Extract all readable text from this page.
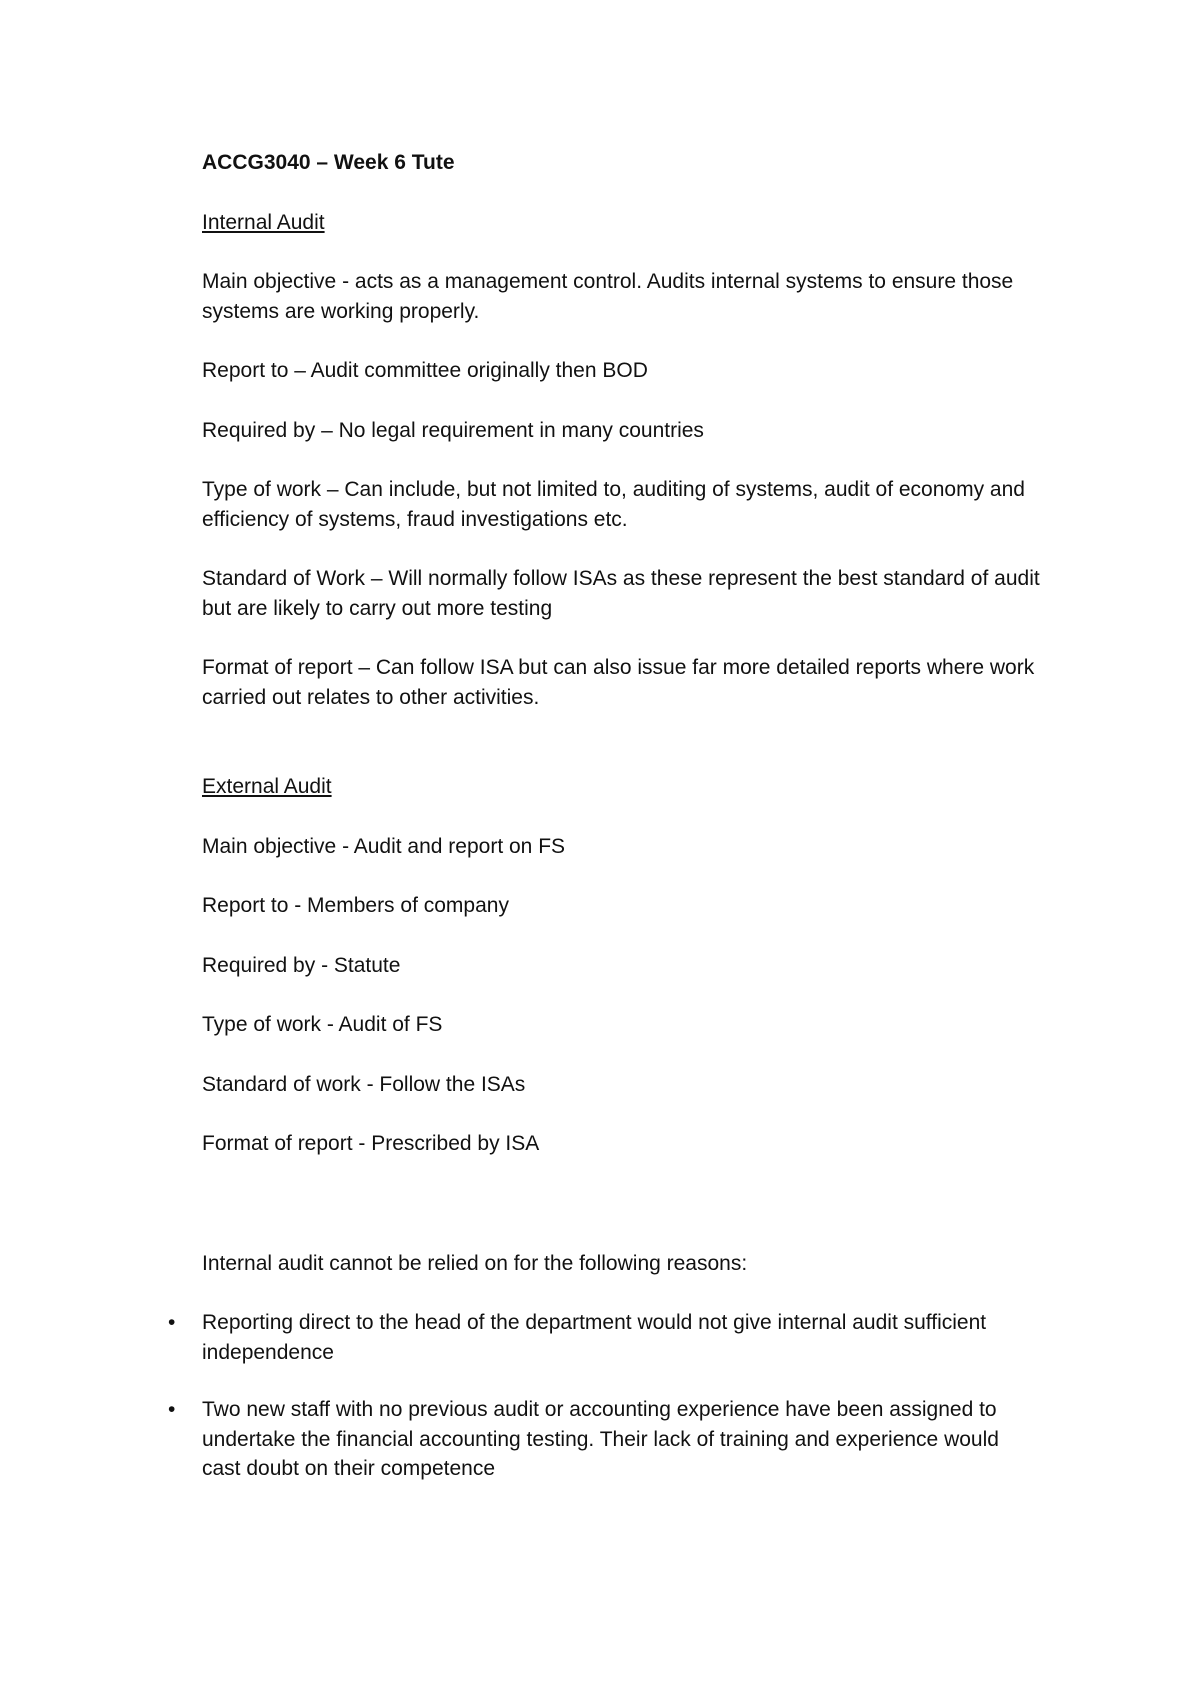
ACCG3040 – Week 6 Tute

Internal Audit

Main objective - acts as a management control. Audits internal systems to ensure those systems are working properly.

Report to – Audit committee originally then BOD

Required by – No legal requirement in many countries

Type of work – Can include, but not limited to, auditing of systems, audit of economy and efficiency of systems, fraud investigations etc.

Standard of Work – Will normally follow ISAs as these represent the best standard of audit but are likely to carry out more testing

Format of report – Can follow ISA but can also issue far more detailed reports where work carried out relates to other activities.

External Audit

Main objective - Audit and report on FS

Report to - Members of company

Required by - Statute

Type of work - Audit of FS

Standard of work - Follow the ISAs

Format of report - Prescribed by ISA

Internal audit cannot be relied on for the following reasons:

• Reporting direct to the head of the department would not give internal audit sufficient independence
• Two new staff with no previous audit or accounting experience have been assigned to undertake the financial accounting testing. Their lack of training and experience would cast doubt on their competence
